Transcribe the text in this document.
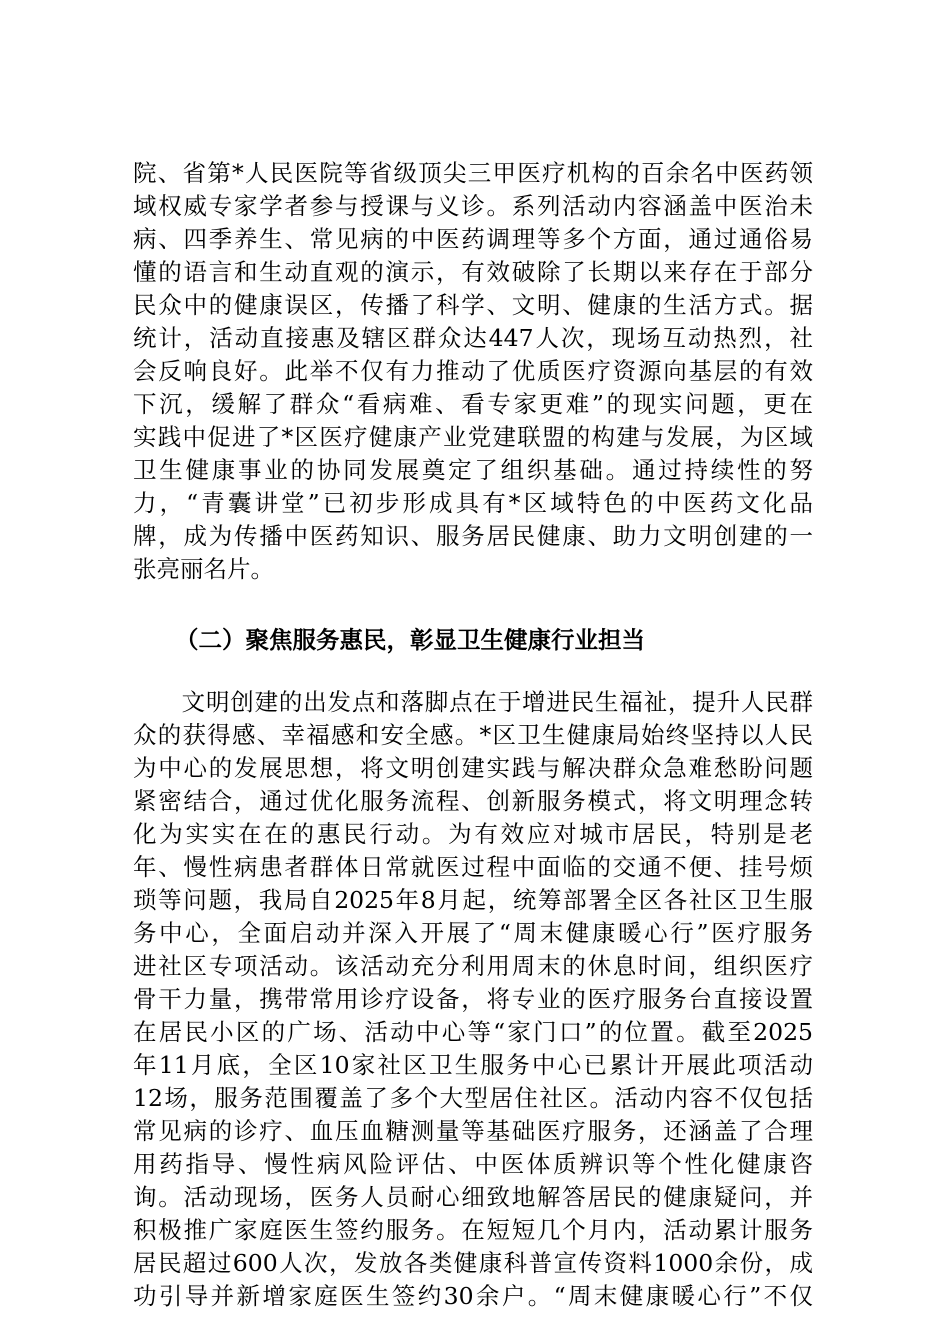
院、省第*人民医院等省级顶尖三甲医疗机构的百余名中医药领
域权威专家学者参与授课与义诊。系列活动内容涵盖中医治未
病、四季养生、常见病的中医药调理等多个方面，通过通俗易
懂的语言和生动直观的演示，有效破除了长期以来存在于部分
民众中的健康误区，传播了科学、文明、健康的生活方式。据
统计，活动直接惠及辖区群众达447人次，现场互动热烈，社
会反响良好。此举不仅有力推动了优质医疗资源向基层的有效
下沉，缓解了群众“看病难、看专家更难”的现实问题，更在
实践中促进了*区医疗健康产业党建联盟的构建与发展，为区域
卫生健康事业的协同发展奠定了组织基础。通过持续性的努
力，“青囊讲堂”已初步形成具有*区域特色的中医药文化品
牌，成为传播中医药知识、服务居民健康、助力文明创建的一
张亮丽名片。
（二）聚焦服务惠民，彰显卫生健康行业担当
　　文明创建的出发点和落脚点在于增进民生福祉，提升人民群
众的获得感、幸福感和安全感。*区卫生健康局始终坚持以人民
为中心的发展思想，将文明创建实践与解决群众急难愁盼问题
紧密结合，通过优化服务流程、创新服务模式，将文明理念转
化为实实在在的惠民行动。为有效应对城市居民，特别是老
年、慢性病患者群体日常就医过程中面临的交通不便、挂号烦
琐等问题，我局自2025年8月起，统筹部署全区各社区卫生服
务中心，全面启动并深入开展了“周末健康暖心行”医疗服务
进社区专项活动。该活动充分利用周末的休息时间，组织医疗
骨干力量，携带常用诊疗设备，将专业的医疗服务台直接设置
在居民小区的广场、活动中心等“家门口”的位置。截至2025
年11月底，全区10家社区卫生服务中心已累计开展此项活动
12场，服务范围覆盖了多个大型居住社区。活动内容不仅包括
常见病的诊疗、血压血糖测量等基础医疗服务，还涵盖了合理
用药指导、慢性病风险评估、中医体质辨识等个性化健康咨
询。活动现场，医务人员耐心细致地解答居民的健康疑问，并
积极推广家庭医生签约服务。在短短几个月内，活动累计服务
居民超过600人次，发放各类健康科普宣传资料1000余份，成
功引导并新增家庭医生签约30余户。“周末健康暖心行”不仅
